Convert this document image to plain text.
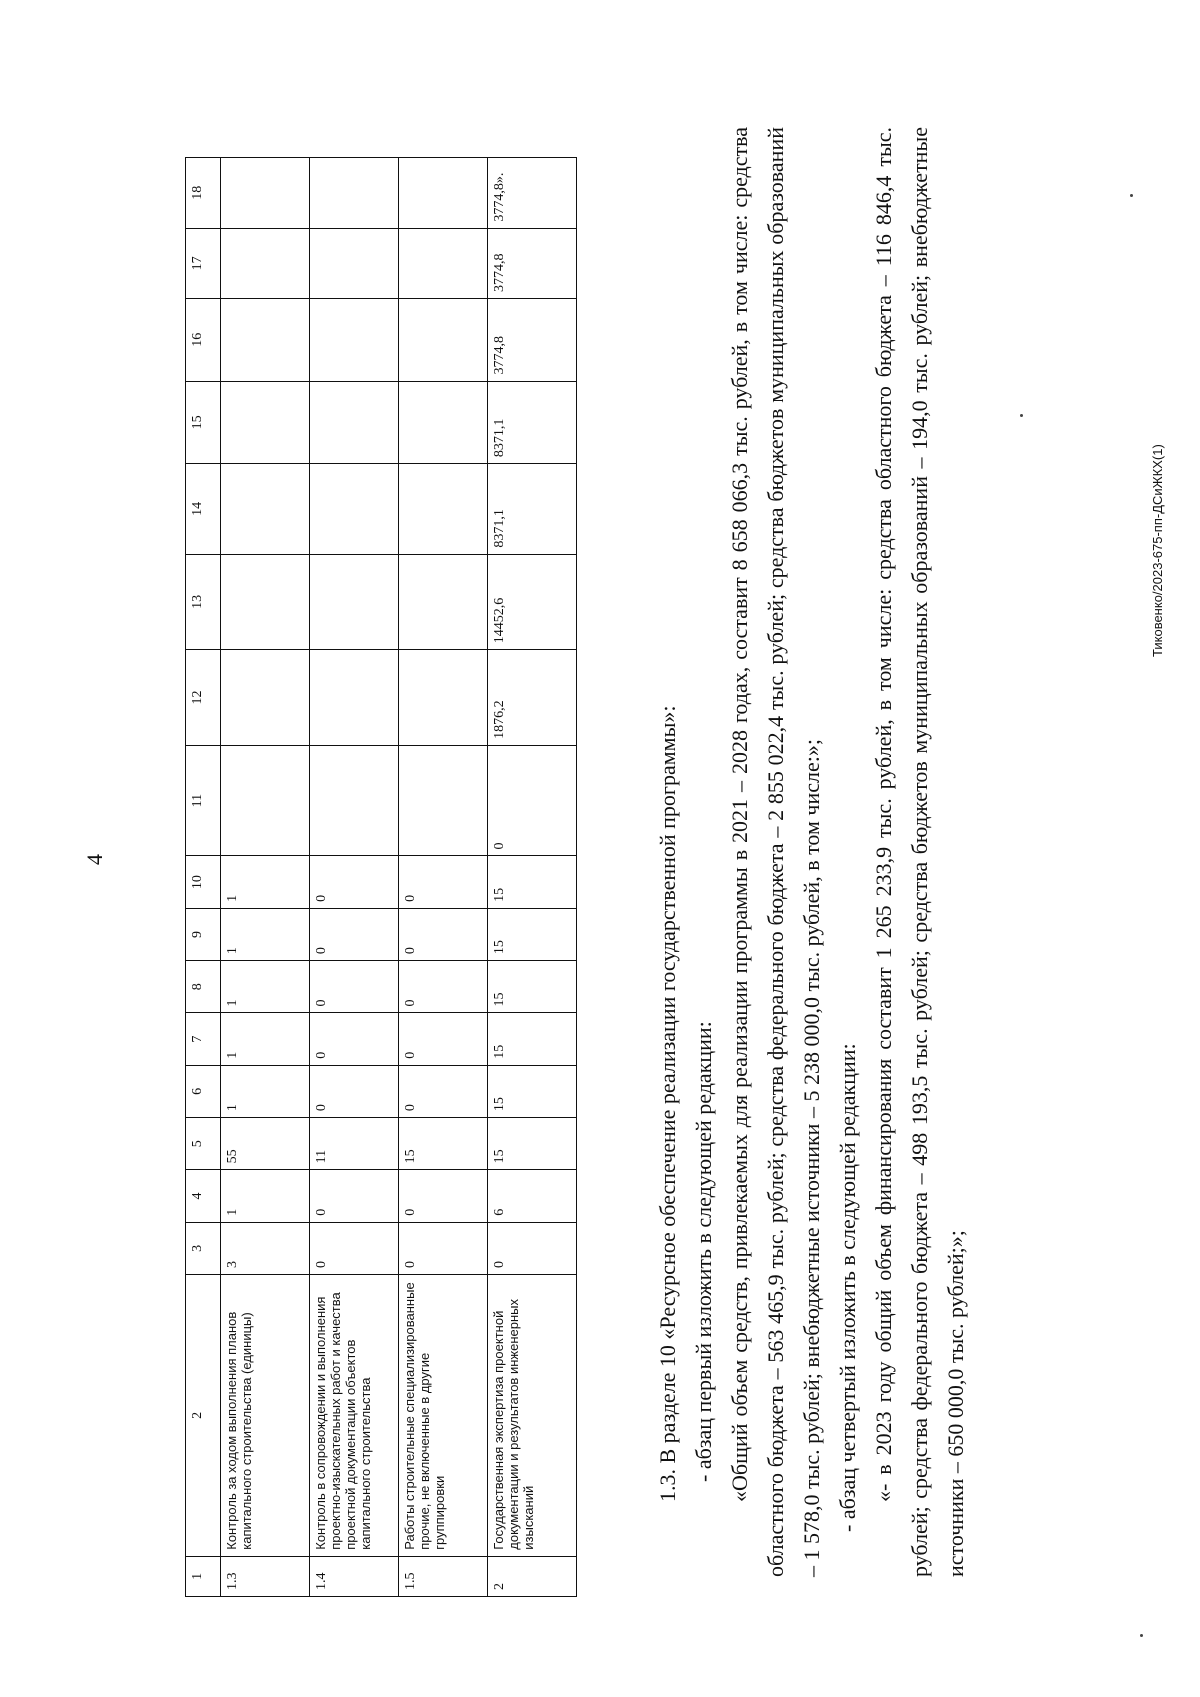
4
1	2	3	4	5	6	7	8	9	10	11	12	13	14	15	16	17	18
1.3	Контроль за ходом выполнения планов капитального строительства (единицы)	3	1	55	1	1	1	1	1								
1.4	Контроль в сопровождении и выполнения проектно-изыскательных работ и качества проектной документации объектов капитального строительства	0	0	11	0	0	0	0	0								
1.5	Работы строительные специализированные прочие, не включенные в другие группировки	0	0	15	0	0	0	0	0								
2	Государственная экспертиза проектной документации и результатов инженерных изысканий	0	6	15	15	15	15	15	15	0	1876,2	14452,6	8371,1	8371,1	3774,8	3774,8	3774,8».

1.3. В разделе 10 «Ресурсное обеспечение реализации государственной программы»: - абзац первый изложить в следующей редакции: «Общий объем средств, привлекаемых для реализации программы в 2021 – 2028 годах, составит 8 658 066,3 тыс. рублей, в том числе: средства областного бюджета – 563 465,9 тыс. рублей; средства федерального бюджета – 2 855 022,4 тыс. рублей; средства бюджетов муниципальных образований – 1 578,0 тыс. рублей; внебюджетные источники – 5 238 000,0 тыс. рублей, в том числе:»; - абзац четвертый изложить в следующей редакции: «- в 2023 году общий объем финансирования составит 1 265 233,9 тыс. рублей, в том числе: средства областного бюджета – 116 846,4 тыс. рублей; средства федерального бюджета – 498 193,5 тыс. рублей; средства бюджетов муниципальных образований – 194,0 тыс. рублей; внебюджетные источники – 650 000,0 тыс. рублей;»;

Тиковенко/2023-675-пп-ДСиЖКХ(1)
